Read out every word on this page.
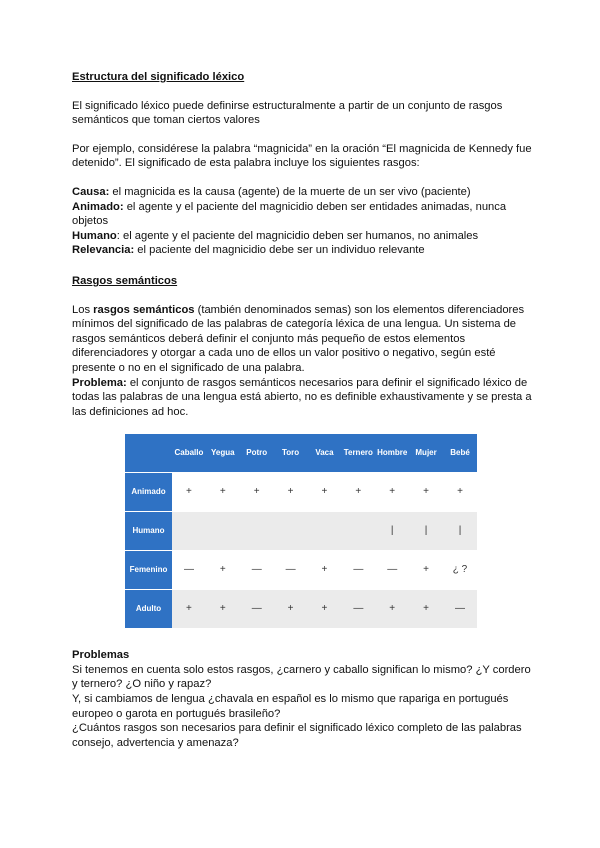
Estructura del significado léxico

El significado léxico puede definirse estructuralmente a partir de un conjunto de rasgos semánticos que toman ciertos valores

Por ejemplo, considérese la palabra “magnicida” en la oración “El magnicida de Kennedy fue detenido”. El significado de esta palabra incluye los siguientes rasgos:

Causa: el magnicida es la causa (agente) de la muerte de un ser vivo (paciente)

Animado: el agente y el paciente del magnicidio deben ser entidades animadas, nunca objetos

Humano: el agente y el paciente del magnicidio deben ser humanos, no animales

Relevancia: el paciente del magnicidio debe ser un individuo relevante

Rasgos semánticos

Los rasgos semánticos (también denominados semas) son los elementos diferenciadores mínimos del significado de las palabras de categoría léxica de una lengua. Un sistema de rasgos semánticos deberá definir el conjunto más pequeño de estos elementos diferenciadores y otorgar a cada uno de ellos un valor positivo o negativo, según esté presente o no en el significado de una palabra.

Problema: el conjunto de rasgos semánticos necesarios para definir el significado léxico de todas las palabras de una lengua está abierto, no es definible exhaustivamente y se presta a las definiciones ad hoc.

	Caballo	Yegua	Potro	Toro	Vaca	Ternero	Hombre	Mujer	Bebé
Animado	+	+	+	+	+	+	+	+	+
Humano							|	|	|
Femenino	—	+	—	—	+	—	—	+	¿ ?
Adulto	+	+	—	+	+	—	+	+	—

Problemas

Si tenemos en cuenta solo estos rasgos, ¿carnero y caballo significan lo mismo? ¿Y cordero y ternero? ¿O niño y rapaz?

Y, si cambiamos de lengua ¿chavala en español es lo mismo que rapariga en portugués europeo o garota en portugués brasileño?

¿Cuántos rasgos son necesarios para definir el significado léxico completo de las palabras consejo, advertencia y amenaza?
